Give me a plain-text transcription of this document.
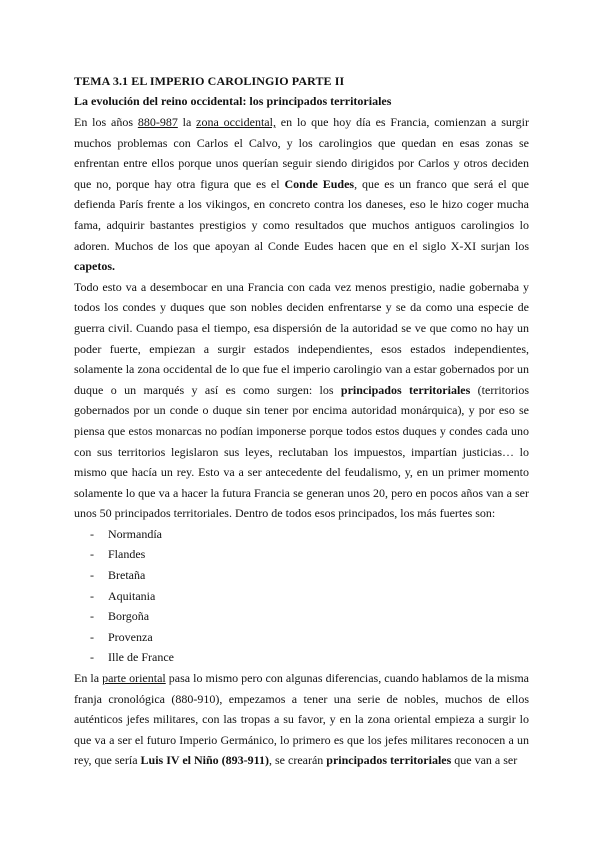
TEMA 3.1 EL IMPERIO CAROLINGIO PARTE II
La evolución del reino occidental: los principados territoriales

En los años 880-987 la zona occidental, en lo que hoy día es Francia, comienzan a surgir muchos problemas con Carlos el Calvo, y los carolingios que quedan en esas zonas se enfrentan entre ellos porque unos querían seguir siendo dirigidos por Carlos y otros deciden que no, porque hay otra figura que es el Conde Eudes, que es un franco que será el que defienda París frente a los vikingos, en concreto contra los daneses, eso le hizo coger mucha fama, adquirir bastantes prestigios y como resultados que muchos antiguos carolingios lo adoren. Muchos de los que apoyan al Conde Eudes hacen que en el siglo X-XI surjan los capetos.

Todo esto va a desembocar en una Francia con cada vez menos prestigio, nadie gobernaba y todos los condes y duques que son nobles deciden enfrentarse y se da como una especie de guerra civil. Cuando pasa el tiempo, esa dispersión de la autoridad se ve que como no hay un poder fuerte, empiezan a surgir estados independientes, esos estados independientes, solamente la zona occidental de lo que fue el imperio carolingio van a estar gobernados por un duque o un marqués y así es como surgen: los principados territoriales (territorios gobernados por un conde o duque sin tener por encima autoridad monárquica), y por eso se piensa que estos monarcas no podían imponerse porque todos estos duques y condes cada uno con sus territorios legislaron sus leyes, reclutaban los impuestos, impartían justicias… lo mismo que hacía un rey. Esto va a ser antecedente del feudalismo, y, en un primer momento solamente lo que va a hacer la futura Francia se generan unos 20, pero en pocos años van a ser unos 50 principados territoriales. Dentro de todos esos principados, los más fuertes son:

- Normandía
- Flandes
- Bretaña
- Aquitania
- Borgoña
- Provenza
- Ille de France

En la parte oriental pasa lo mismo pero con algunas diferencias, cuando hablamos de la misma franja cronológica (880-910), empezamos a tener una serie de nobles, muchos de ellos auténticos jefes militares, con las tropas a su favor, y en la zona oriental empieza a surgir lo que va a ser el futuro Imperio Germánico, lo primero es que los jefes militares reconocen a un rey, que sería Luis IV el Niño (893-911), se crearán principados territoriales que van a ser
